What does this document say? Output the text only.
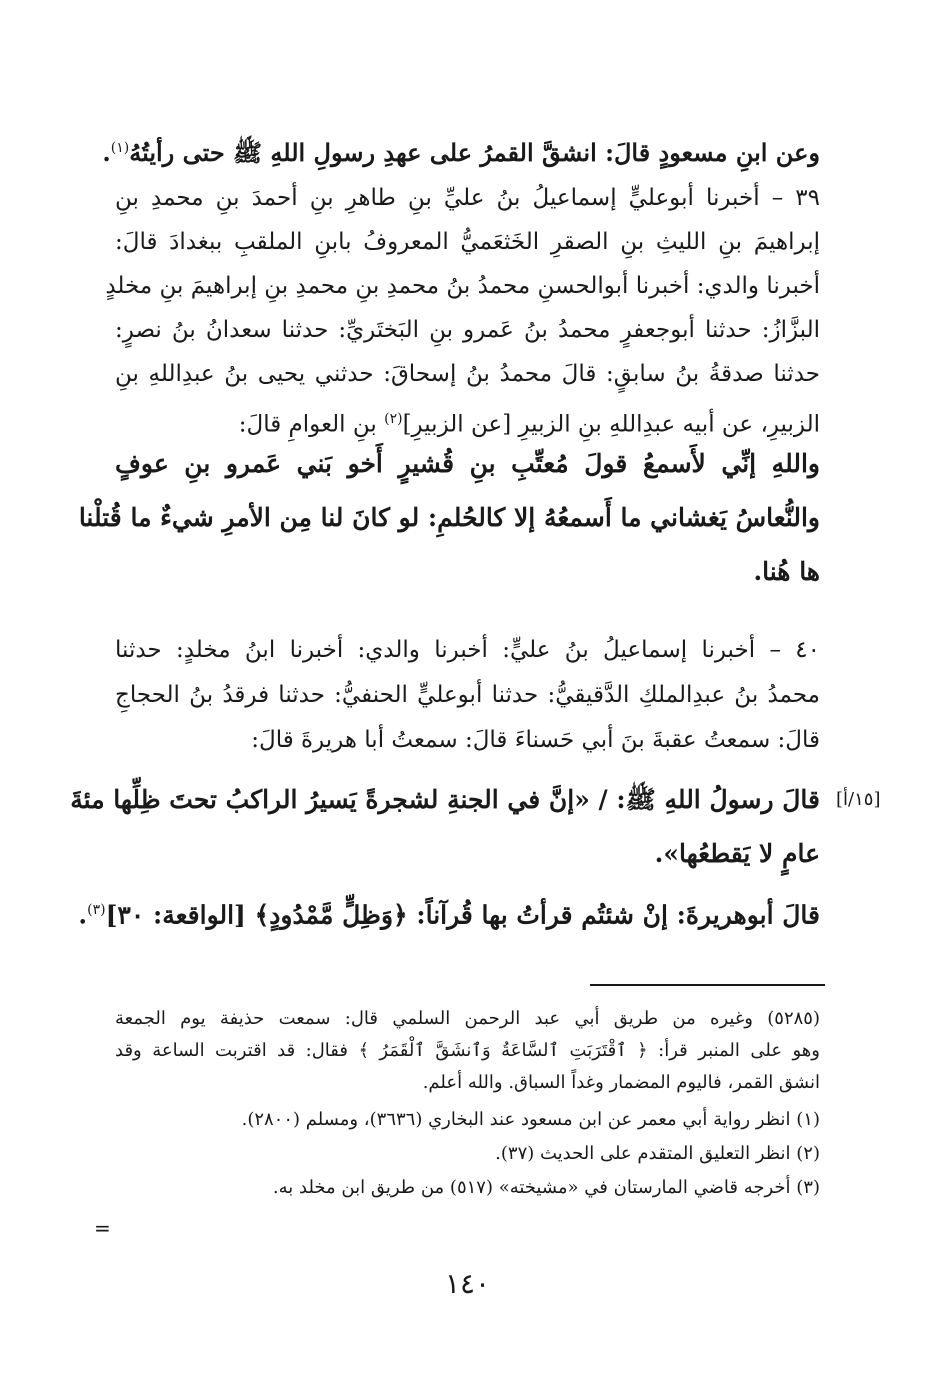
وعن ابنِ مسعودٍ قالَ: انشقَّ القمرُ على عهدِ رسولِ اللهِ ﷺ حتى رأيتُهُ$^{(١)}$.
٣٩ – أخبرنا أبوعليٍّ إسماعيلُ بنُ عليِّ بنِ طاهرِ بنِ أحمدَ بنِ محمدِ بنِ
إبراهيمَ بنِ الليثِ بنِ الصقرِ الخَثعَميُّ المعروفُ بابنِ الملقبِ ببغدادَ قالَ:
أخبرنا والدي: أخبرنا أبوالحسنِ محمدُ بنُ محمدِ بنِ محمدِ بنِ إبراهيمَ بنِ مخلدٍ
البزَّازُ: حدثنا أبوجعفرٍ محمدُ بنُ عَمرو بنِ البَختَريِّ: حدثنا سعدانُ بنُ نصرٍ:
حدثنا صدقةُ بنُ سابقٍ: قالَ محمدُ بنُ إسحاقَ: حدثني يحيى بنُ عبدِاللهِ بنِ
الزبيرِ، عن أبيه عبدِاللهِ بنِ الزبيرِ [عن الزبيرِ]$^{(٢)}$ بنِ العوامِ قالَ:
واللهِ إنِّي لأَسمعُ قولَ مُعتِّبِ بنِ قُشيرٍ أَخو بَني عَمرو بنِ عوفٍ
والنُّعاسُ يَغشاني ما أَسمعُهُ إلا كالحُلمِ: لو كانَ لنا مِن الأمرِ شيءٌ ما قُتلْنا
ها هُنا.
٤٠ – أخبرنا إسماعيلُ بنُ عليٍّ: أخبرنا والدي: أخبرنا ابنُ مخلدٍ: حدثنا
محمدُ بنُ عبدِالملكِ الدَّقيقيُّ: حدثنا أبوعليٍّ الحنفيُّ: حدثنا فرقدُ بنُ الحجاجِ
قالَ: سمعتُ عقبةَ بنَ أبي حَسناءَ قالَ: سمعتُ أبا هريرةَ قالَ:
[١٥/أ]
قالَ رسولُ اللهِ ﷺ: / «إنَّ في الجنةِ لشجرةً يَسيرُ الراكبُ تحتَ ظِلِّها مئةَ
عامٍ لا يَقطعُها».
قالَ أبوهريرةَ: إنْ شئتُم قرأتُ بها قُرآناً: ﴿وَظِلٍّ مَّمْدُودٍ﴾ [الواقعة: ٣٠]$^{(٣)}$.
(٥٢٨٥) وغيره من طريق أبي عبد الرحمن السلمي قال: سمعت حذيفة يوم الجمعة
وهو على المنبر قرأ: ﴿ ٱقْتَرَبَتِ ٱلسَّاعَةُ وَٱنشَقَّ ٱلْقَمَرُ ﴾ فقال: قد اقتربت الساعة وقد
انشق القمر، فاليوم المضمار وغداً السباق. والله أعلم.
(١) انظر رواية أبي معمر عن ابن مسعود عند البخاري (٣٦٣٦)، ومسلم (٢٨٠٠).
(٢) انظر التعليق المتقدم على الحديث (٣٧).
(٣) أخرجه قاضي المارستان في «مشيخته» (٥١٧) من طريق ابن مخلد به.
=
١٤٠
